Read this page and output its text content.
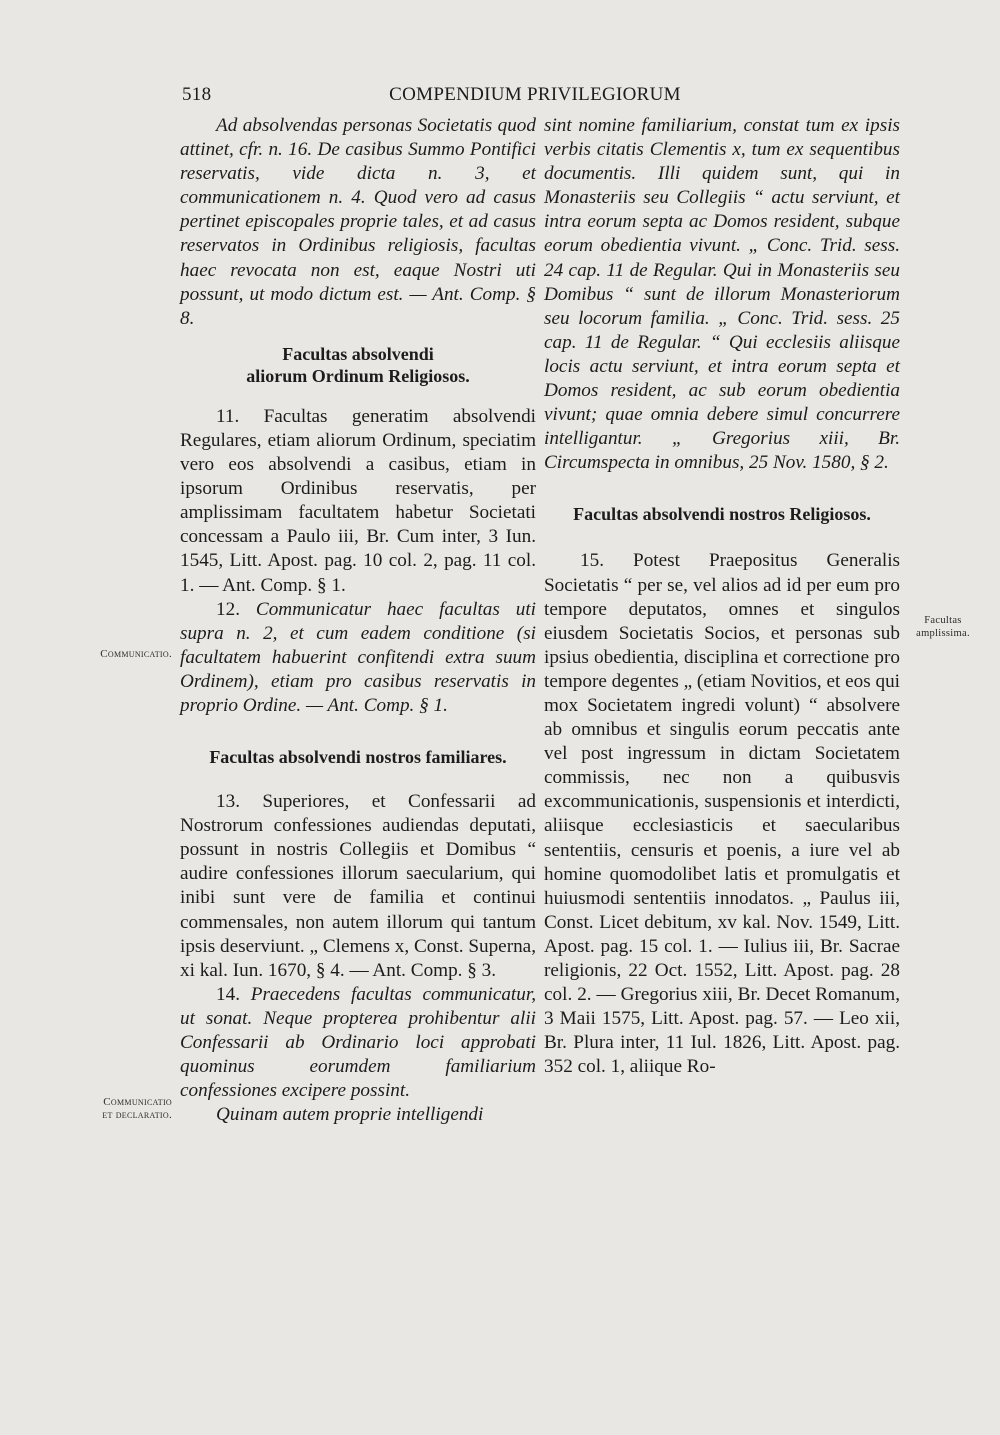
518	COMPENDIUM PRIVILEGIORUM
Communicatio.
Communicatio
et declaratio.
Facultas
amplissima.

Ad absolvendas personas Societatis quod attinet, cfr. n. 16. De casibus Summo Pontifici reservatis, vide dicta n. 3, et communicationem n. 4. Quod vero ad casus pertinet episcopales proprie tales, et ad casus reservatos in Ordinibus religiosis, facultas haec revocata non est, eaque Nostri uti possunt, ut modo dictum est. — Ant. Comp. § 8.

Facultas absolvendi
aliorum Ordinum Religiosos.

11. Facultas generatim absolvendi Regulares, etiam aliorum Ordinum, speciatim vero eos absolvendi a casibus, etiam in ipsorum Ordinibus reservatis, per amplissimam facultatem habetur Societati concessam a Paulo iii, Br. Cum inter, 3 Iun. 1545, Litt. Apost. pag. 10 col. 2, pag. 11 col. 1. — Ant. Comp. § 1.

12. Communicatur haec facultas uti supra n. 2, et cum eadem conditione (si facultatem habuerint confitendi extra suum Ordinem), etiam pro casibus reservatis in proprio Ordine. — Ant. Comp. § 1.

Facultas absolvendi nostros familiares.

13. Superiores, et Confessarii ad Nostrorum confessiones audiendas deputati, possunt in nostris Collegiis et Domibus “ audire confessiones illorum saecularium, qui inibi sunt vere de familia et continui commensales, non autem illorum qui tantum ipsis deserviunt. „ Clemens x, Const. Superna, xi kal. Iun. 1670, § 4. — Ant. Comp. § 3.

14. Praecedens facultas communicatur, ut sonat. Neque propterea prohibentur alii Confessarii ab Ordinario loci approbati quominus eorumdem familiarium confessiones excipere possint.

Quinam autem proprie intelligendi

sint nomine familiarium, constat tum ex ipsis verbis citatis Clementis x, tum ex sequentibus documentis. Illi quidem sunt, qui in Monasteriis seu Collegiis “ actu serviunt, et intra eorum septa ac Domos resident, subque eorum obedientia vivunt. „ Conc. Trid. sess. 24 cap. 11 de Regular. Qui in Monasteriis seu Domibus “ sunt de illorum Monasteriorum seu locorum familia. „ Conc. Trid. sess. 25 cap. 11 de Regular. “ Qui ecclesiis aliisque locis actu serviunt, et intra eorum septa et Domos resident, ac sub eorum obedientia vivunt; quae omnia debere simul concurrere intelligantur. „ Gregorius xiii, Br. Circumspecta in omnibus, 25 Nov. 1580, § 2.

Facultas absolvendi nostros Religiosos.

15. Potest Praepositus Generalis Societatis “ per se, vel alios ad id per eum pro tempore deputatos, omnes et singulos eiusdem Societatis Socios, et personas sub ipsius obedientia, disciplina et correctione pro tempore degentes „ (etiam Novitios, et eos qui mox Societatem ingredi volunt) “ absolvere ab omnibus et singulis eorum peccatis ante vel post ingressum in dictam Societatem commissis, nec non a quibusvis excommunicationis, suspensionis et interdicti, aliisque ecclesiasticis et saecularibus sententiis, censuris et poenis, a iure vel ab homine quomodolibet latis et promulgatis et huiusmodi sententiis innodatos. „ Paulus iii, Const. Licet debitum, xv kal. Nov. 1549, Litt. Apost. pag. 15 col. 1. — Iulius iii, Br. Sacrae religionis, 22 Oct. 1552, Litt. Apost. pag. 28 col. 2. — Gregorius xiii, Br. Decet Romanum, 3 Maii 1575, Litt. Apost. pag. 57. — Leo xii, Br. Plura inter, 11 Iul. 1826, Litt. Apost. pag. 352 col. 1, aliique Ro-
